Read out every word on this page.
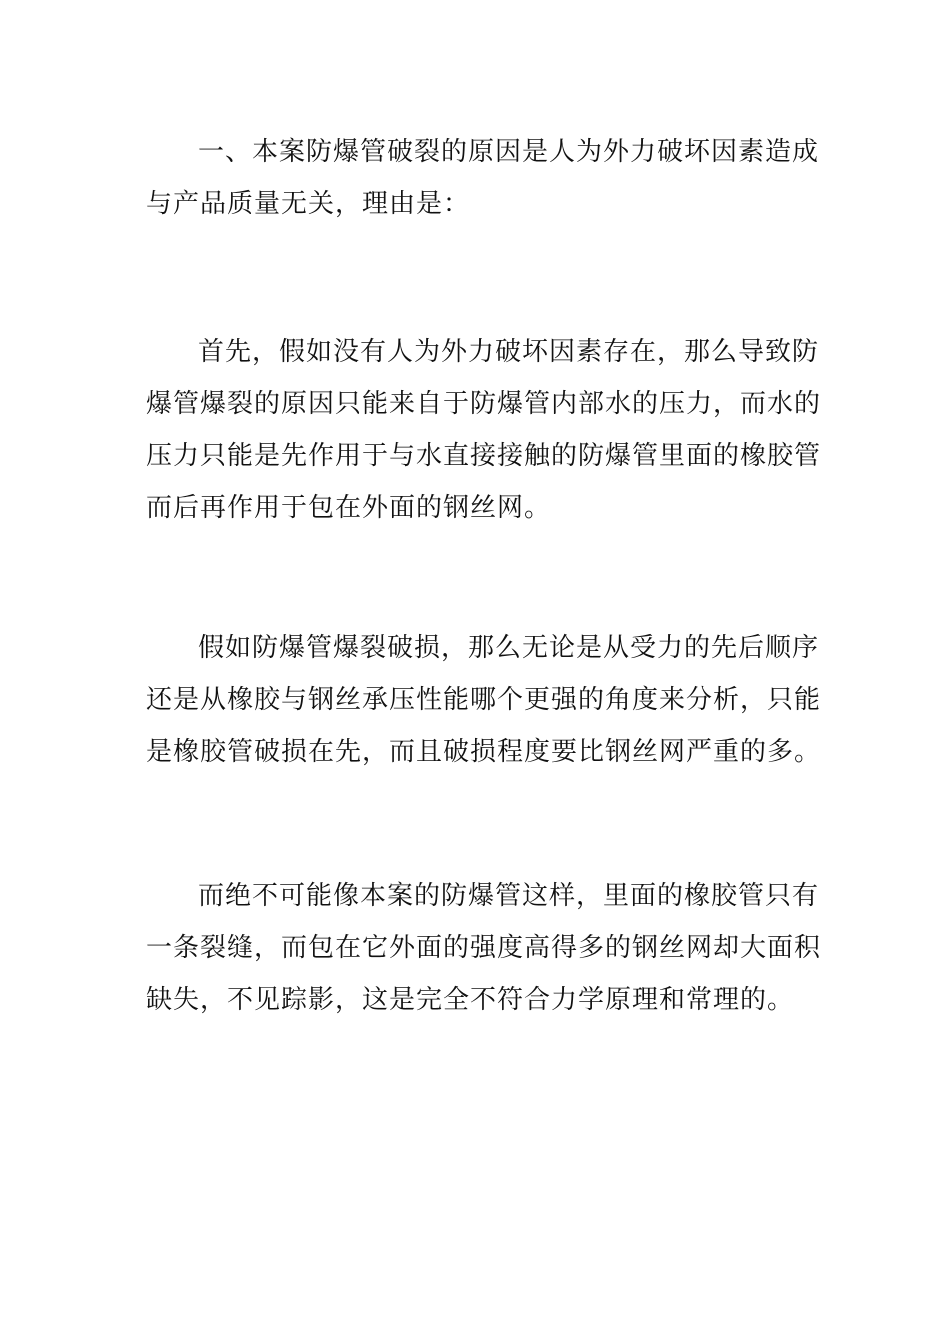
一、本案防爆管破裂的原因是人为外力破坏因素造成
与产品质量无关，理由是：
首先，假如没有人为外力破坏因素存在，那么导致防
爆管爆裂的原因只能来自于防爆管内部水的压力，而水的
压力只能是先作用于与水直接接触的防爆管里面的橡胶管
而后再作用于包在外面的钢丝网。
假如防爆管爆裂破损，那么无论是从受力的先后顺序
还是从橡胶与钢丝承压性能哪个更强的角度来分析，只能
是橡胶管破损在先，而且破损程度要比钢丝网严重的多。
而绝不可能像本案的防爆管这样，里面的橡胶管只有
一条裂缝，而包在它外面的强度高得多的钢丝网却大面积
缺失，不见踪影，这是完全不符合力学原理和常理的。
